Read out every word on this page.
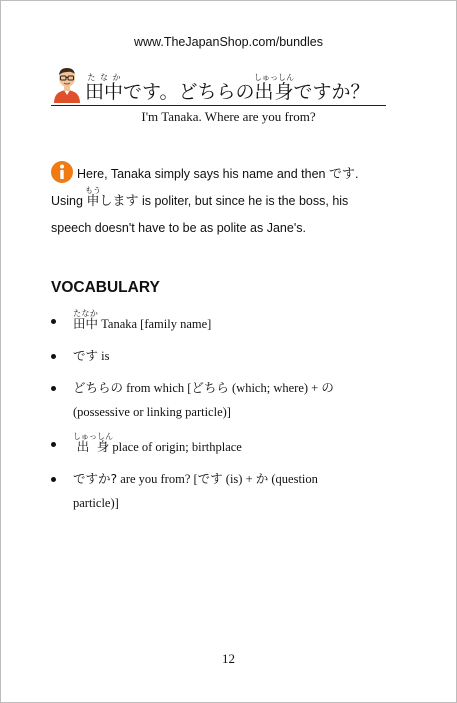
www.TheJapanShop.com/bundles
田中たなかです。どちらの出身しゅっしんですか？
I'm Tanaka. Where are you from?
Here, Tanaka simply says his name and then です. Using 申もうします is politer, but since he is the boss, his speech doesn't have to be as polite as Jane's.
VOCABULARY
田中たなか Tanaka [family name]
です is
どちらの from which [どちら (which; where) + の (possessive or linking particle)]
出身しゅっしん place of origin; birthplace
ですか? are you from? [です (is) + か (question particle)]
12
